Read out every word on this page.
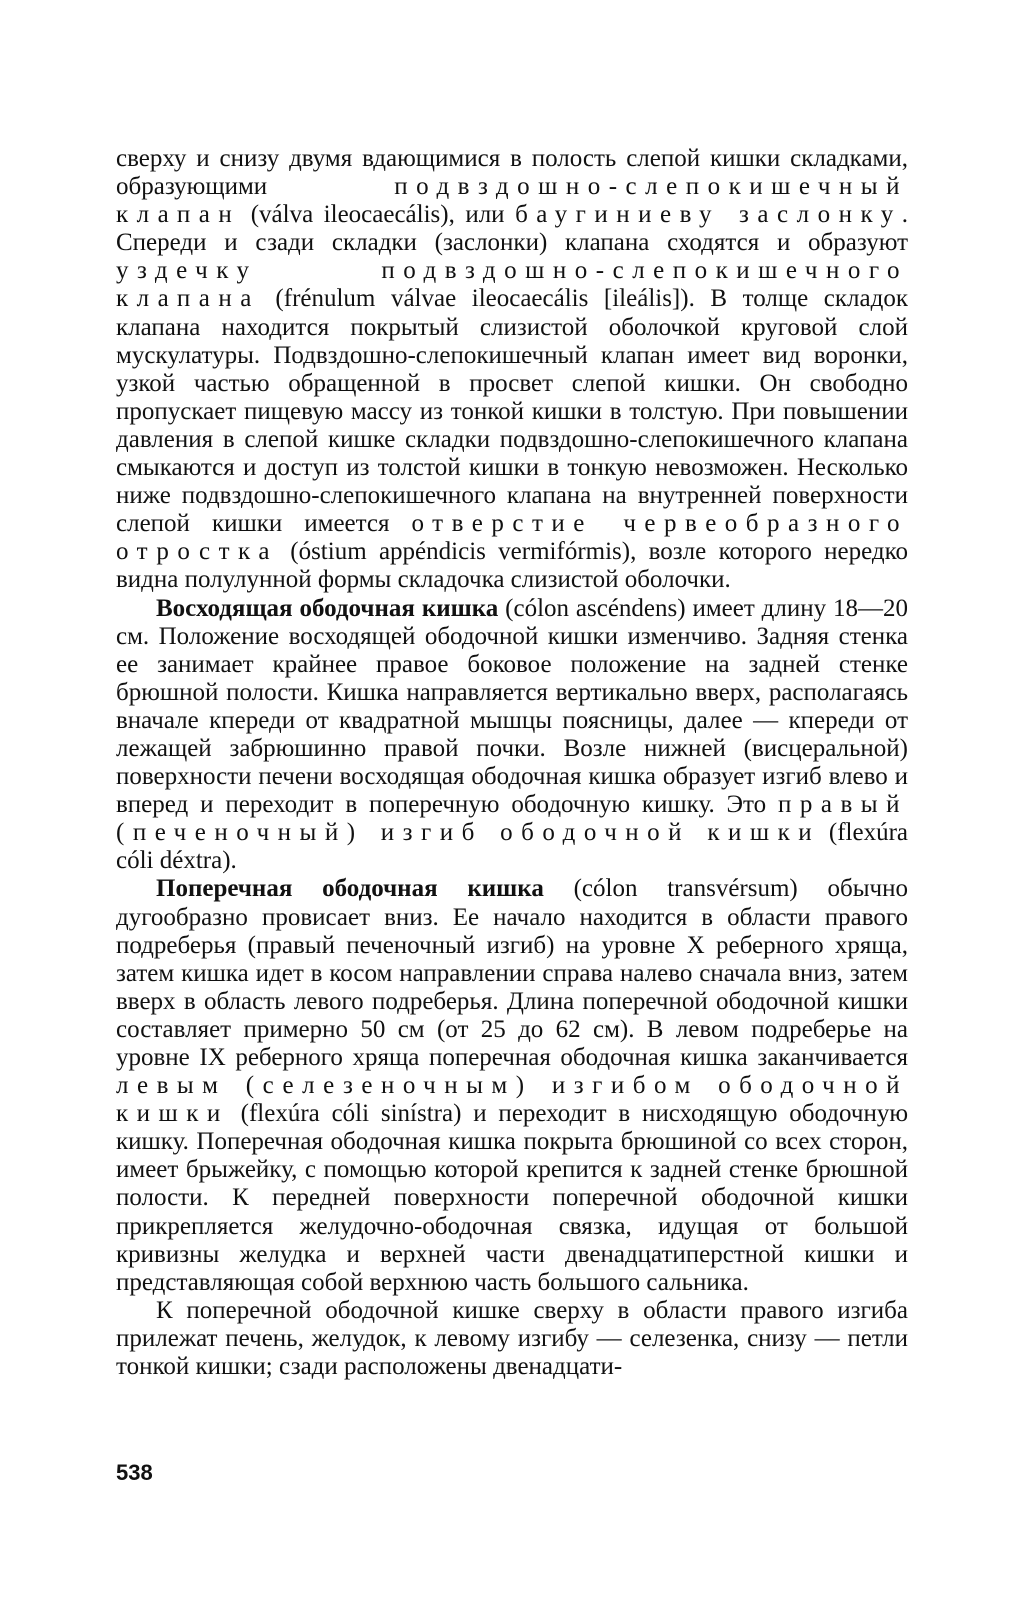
сверху и снизу двумя вдающимися в полость слепой кишки складками, образующими подвздошно-слепокишечный клапан (válva ileocaecális), или баугиниеву заслонку. Спереди и сзади складки (заслонки) клапана сходятся и образуют уздечку подвздошно-слепокишечного клапана (frénulum válvae ileocaecális [ileális]). В толще складок клапана находится покрытый слизистой оболочкой круговой слой мускулатуры. Подвздошно-слепокишечный клапан имеет вид воронки, узкой частью обращенной в просвет слепой кишки. Он свободно пропускает пищевую массу из тонкой кишки в толстую. При повышении давления в слепой кишке складки подвздошно-слепокишечного клапана смыкаются и доступ из толстой кишки в тонкую невозможен. Несколько ниже подвздошно-слепокишечного клапана на внутренней поверхности слепой кишки имеется отверстие червеобразного отростка (óstium appéndicis vermifórmis), возле которого нередко видна полулунной формы складочка слизистой оболочки.

Восходящая ободочная кишка (cólon ascéndens) имеет длину 18—20 см. Положение восходящей ободочной кишки изменчиво. Задняя стенка ее занимает крайнее правое боковое положение на задней стенке брюшной полости. Кишка направляется вертикально вверх, располагаясь вначале кпереди от квадратной мышцы поясницы, далее — кпереди от лежащей забрюшинно правой почки. Возле нижней (висцеральной) поверхности печени восходящая ободочная кишка образует изгиб влево и вперед и переходит в поперечную ободочную кишку. Это правый (печеночный) изгиб ободочной кишки (flexúra cóli déxtra).

Поперечная ободочная кишка (cólon transvérsum) обычно дугообразно провисает вниз. Ее начало находится в области правого подреберья (правый печеночный изгиб) на уровне X реберного хряща, затем кишка идет в косом направлении справа налево сначала вниз, затем вверх в область левого подреберья. Длина поперечной ободочной кишки составляет примерно 50 см (от 25 до 62 см). В левом подреберье на уровне IX реберного хряща поперечная ободочная кишка заканчивается левым (селезеночным) изгибом ободочной кишки (flexúra cóli sinístra) и переходит в нисходящую ободочную кишку. Поперечная ободочная кишка покрыта брюшиной со всех сторон, имеет брыжейку, с помощью которой крепится к задней стенке брюшной полости. К передней поверхности поперечной ободочной кишки прикрепляется желудочно-ободочная связка, идущая от большой кривизны желудка и верхней части двенадцатиперстной кишки и представляющая собой верхнюю часть большого сальника.

К поперечной ободочной кишке сверху в области правого изгиба прилежат печень, желудок, к левому изгибу — селезенка, снизу — петли тонкой кишки; сзади расположены двенадцати-

538
